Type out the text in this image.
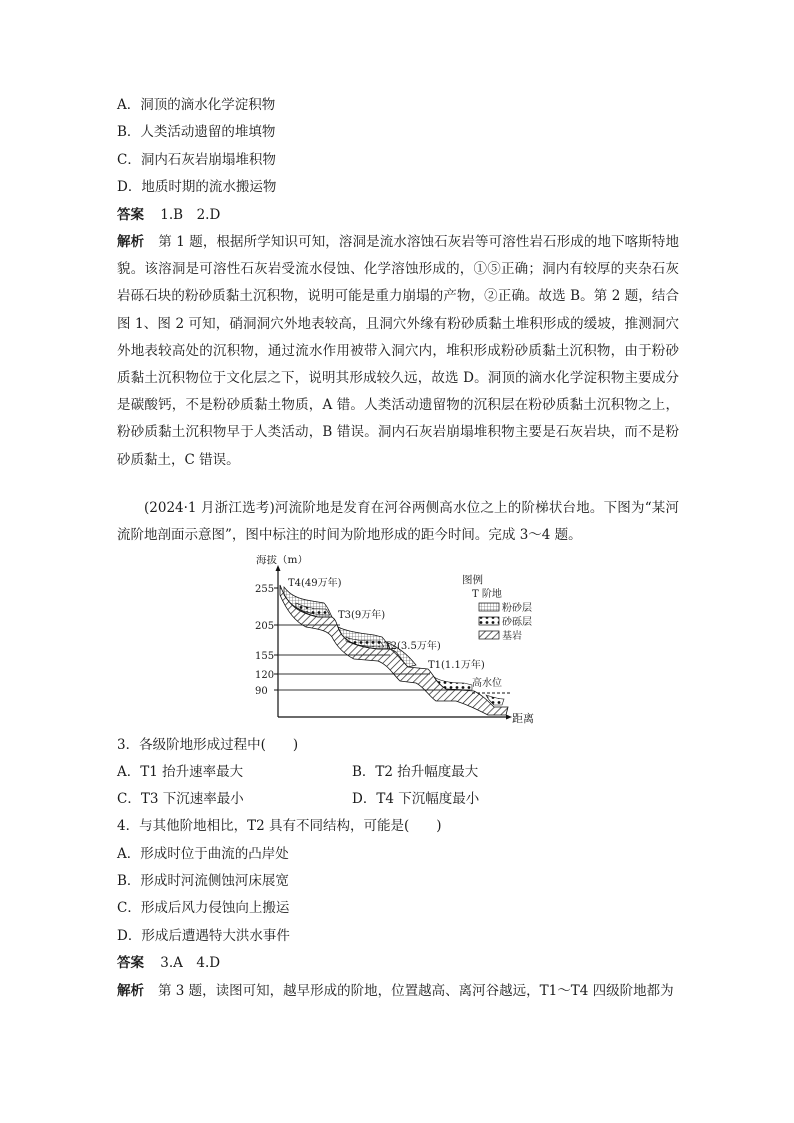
A．洞顶的滴水化学淀积物
B．人类活动遗留的堆填物
C．洞内石灰岩崩塌堆积物
D．地质时期的流水搬运物
答案 1.B　2.D
解析 第 1 题，根据所学知识可知，溶洞是流水溶蚀石灰岩等可溶性岩石形成的地下喀斯特地貌。该溶洞是可溶性石灰岩受流水侵蚀、化学溶蚀形成的，①⑤正确；洞内有较厚的夹杂石灰岩砾石块的粉砂质黏土沉积物，说明可能是重力崩塌的产物，②正确。故选 B。第 2 题，结合图 1、图 2 可知，硝洞洞穴外地表较高，且洞穴外缘有粉砂质黏土堆积形成的缓坡，推测洞穴外地表较高处的沉积物，通过流水作用被带入洞穴内，堆积形成粉砂质黏土沉积物，由于粉砂质黏土沉积物位于文化层之下，说明其形成较久远，故选 D。洞顶的滴水化学淀积物主要成分是碳酸钙，不是粉砂质黏土物质，A 错。人类活动遗留物的沉积层在粉砂质黏土沉积物之上，粉砂质黏土沉积物早于人类活动，B 错误。洞内石灰岩崩塌堆积物主要是石灰岩块，而不是粉砂质黏土，C 错误。
(2024·1 月浙江选考)河流阶地是发育在河谷两侧高水位之上的阶梯状台地。下图为“某河流阶地剖面示意图”，图中标注的时间为阶地形成的距今时间。完成 3～4 题。
海拔（m）
距离
255
205
155
120
90
T4(49万年)
T3(9万年)
T2(3.5万年)
T1(1.1万年)
高水位
图例
T 阶地
粉砂层
砂砾层
基岩
3．各级阶地形成过程中(　　)
A．T1 抬升速率最大	B．T2 抬升幅度最大
C．T3 下沉速率最小	D．T4 下沉幅度最小
4．与其他阶地相比，T2 具有不同结构，可能是(　　)
A．形成时位于曲流的凸岸处
B．形成时河流侧蚀河床展宽
C．形成后风力侵蚀向上搬运
D．形成后遭遇特大洪水事件
答案 3.A　4.D
解析 第 3 题，读图可知，越早形成的阶地，位置越高、离河谷越远，T1～T4 四级阶地都为
